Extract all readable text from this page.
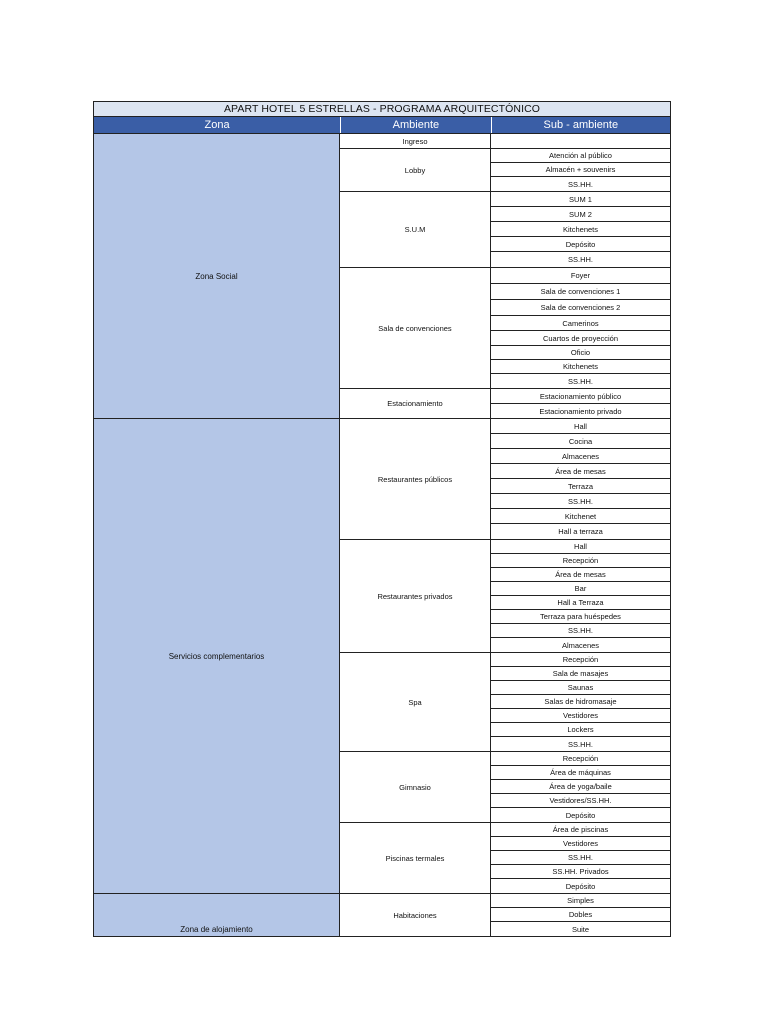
APART HOTEL 5 ESTRELLAS - PROGRAMA ARQUITECTÓNICO
Zona	Ambiente	Sub - ambiente
Zona Social
Ingreso
Lobby
Atención al público
Almacén + souvenirs
SS.HH.
S.U.M
SUM 1
SUM 2
Kitchenets
Depósito
SS.HH.
Sala de convenciones
Foyer
Sala de convenciones 1
Sala de convenciones 2
Camerinos
Cuartos de proyección
Oficio
Kitchenets
SS.HH.
Estacionamiento
Estacionamiento público
Estacionamiento privado
Servicios complementarios
Restaurantes públicos
Hall
Cocina
Almacenes
Área de mesas
Terraza
SS.HH.
Kitchenet
Hall a terraza
Restaurantes privados
Hall
Recepción
Área de mesas
Bar
Hall a Terraza
Terraza para huéspedes
SS.HH.
Almacenes
Spa
Recepción
Sala de masajes
Saunas
Salas de hidromasaje
Vestidores
Lockers
SS.HH.
Gimnasio
Recepción
Área de máquinas
Área de yoga/baile
Vestidores/SS.HH.
Depósito
Piscinas termales
Área de piscinas
Vestidores
SS.HH.
SS.HH. Privados
Depósito
Zona de alojamiento
Habitaciones
Simples
Dobles
Suite
